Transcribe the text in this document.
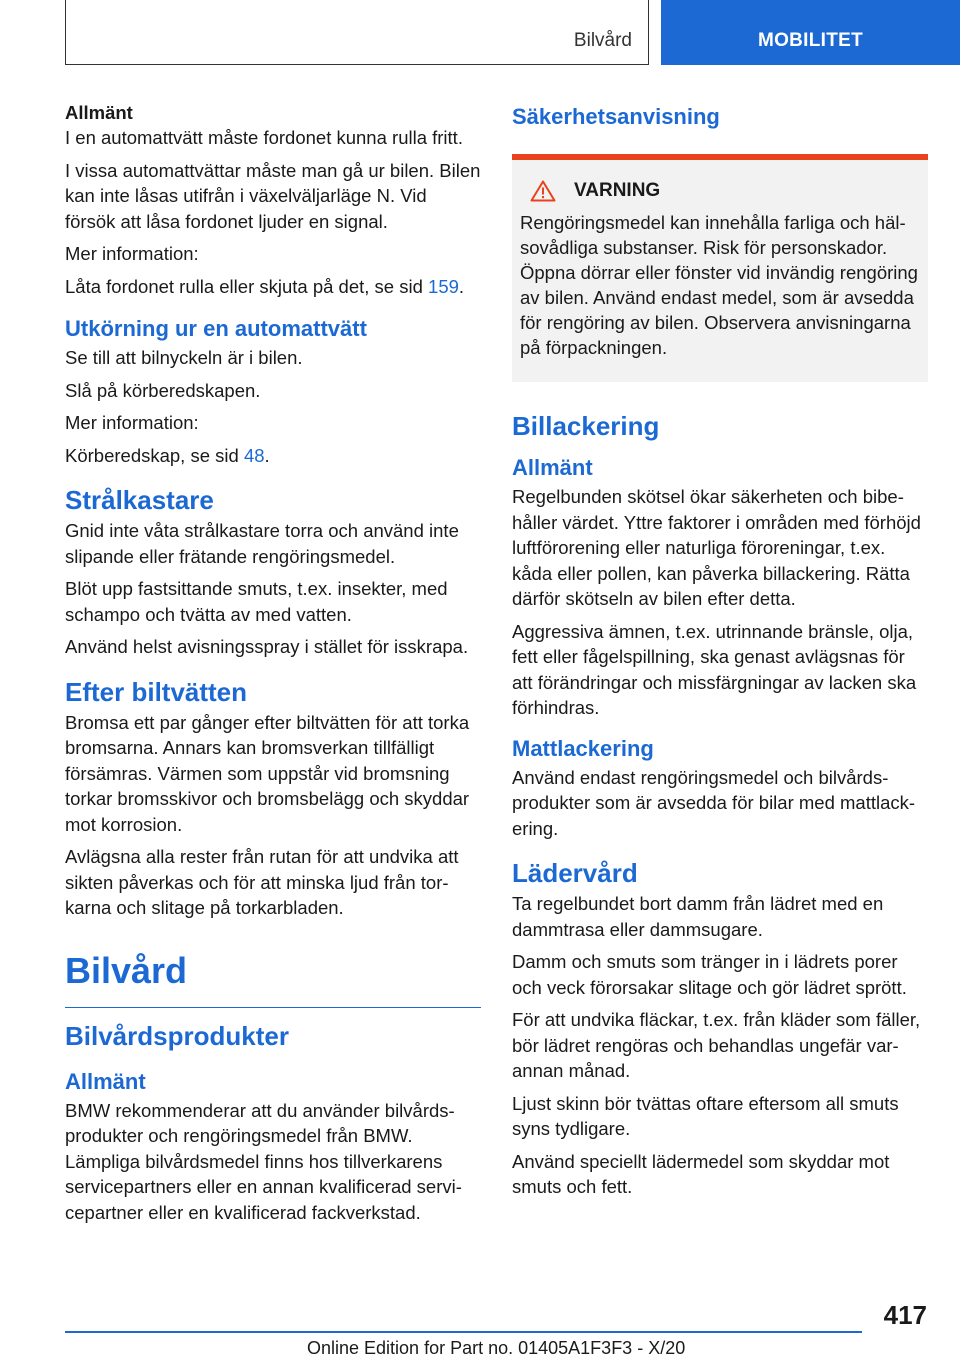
Bilvård	MOBILITET
Allmänt

I en automattvätt måste fordonet kunna rulla fritt.

I vissa automattvättar måste man gå ur bilen. Bilen kan inte låsas utifrån i växelväljarläge N. Vid försök att låsa fordonet ljuder en signal.

Mer information:

Låta fordonet rulla eller skjuta på det, se sid 159.

Utkörning ur en automattvätt

Se till att bilnyckeln är i bilen.

Slå på körberedskapen.

Mer information:

Körberedskap, se sid 48.

Strålkastare

Gnid inte våta strålkastare torra och använd inte slipande eller frätande rengöringsmedel.

Blöt upp fastsittande smuts, t.ex. insekter, med schampo och tvätta av med vatten.

Använd helst avisningsspray i stället för isskrapa.

Efter biltvätten

Bromsa ett par gånger efter biltvätten för att torka bromsarna. Annars kan bromsverkan tillfälligt försämras. Värmen som uppstår vid bromsning torkar bromsskivor och bromsbelägg och skyddar mot korrosion.

Avlägsna alla rester från rutan för att undvika att sikten påverkas och för att minska ljud från torkarna och slitage på torkarbladen.

Bilvård
Bilvårdsprodukter
Allmänt

BMW rekommenderar att du använder bilvårdsprodukter och rengöringsmedel från BMW. Lämpliga bilvårdsmedel finns hos tillverkarens servicepartners eller en annan kvalificerad servicepartner eller en kvalificerad fackverkstad.

Säkerhetsanvisning
VARNING

Rengöringsmedel kan innehålla farliga och hälsovådliga substanser. Risk för personskador. Öppna dörrar eller fönster vid invändig rengöring av bilen. Använd endast medel, som är avsedda för rengöring av bilen. Observera anvisningarna på förpackningen.

Billackering
Allmänt

Regelbunden skötsel ökar säkerheten och bibehåller värdet. Yttre faktorer i områden med förhöjd luftförorening eller naturliga föroreningar, t.ex. kåda eller pollen, kan påverka billackering. Rätta därför skötseln av bilen efter detta.

Aggressiva ämnen, t.ex. utrinnande bränsle, olja, fett eller fågelspillning, ska genast avlägsnas för att förändringar och missfärgningar av lacken ska förhindras.

Mattlackering

Använd endast rengöringsmedel och bilvårdsprodukter som är avsedda för bilar med mattlackering.

Lädervård

Ta regelbundet bort damm från lädret med en dammtrasa eller dammsugare.

Damm och smuts som tränger in i lädrets porer och veck förorsakar slitage och gör lädret sprött.

För att undvika fläckar, t.ex. från kläder som fäller, bör lädret rengöras och behandlas ungefär varannan månad.

Ljust skinn bör tvättas oftare eftersom all smuts syns tydligare.

Använd speciellt lädermedel som skyddar mot smuts och fett.

417
Online Edition for Part no. 01405A1F3F3 - X/20
